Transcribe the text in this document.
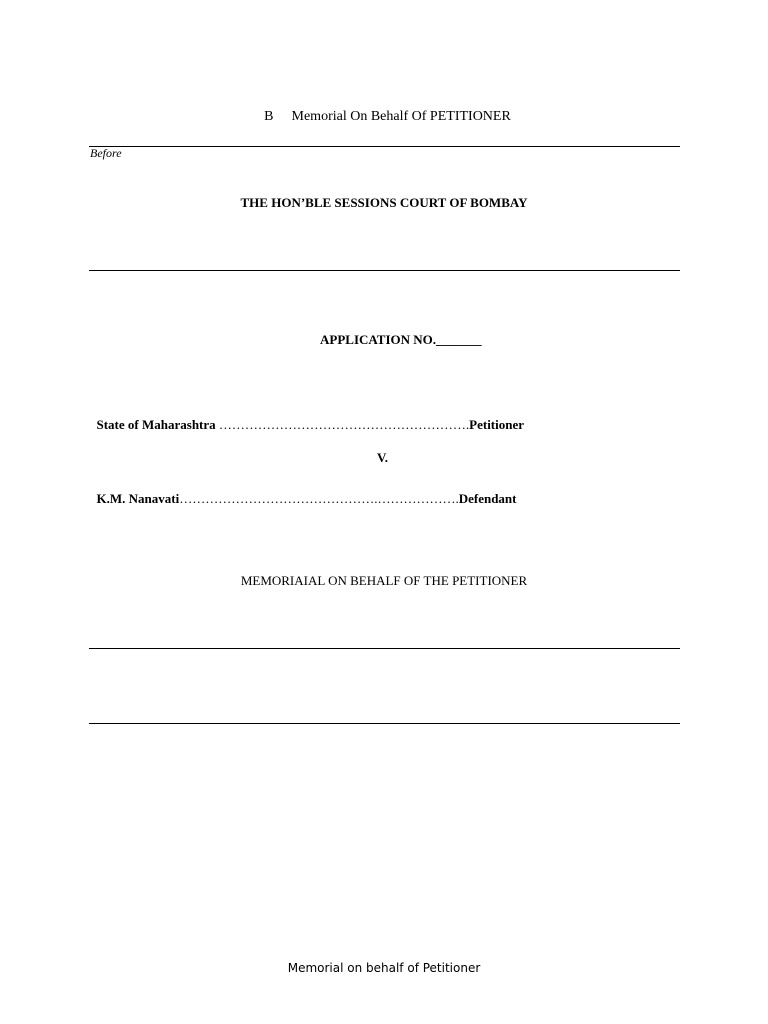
B Memorial On Behalf Of PETITIONER

Before
THE HON’BLE SESSIONS COURT OF BOMBAY
APPLICATION NO._______

State of Maharashtra ………………………………………………….Petitioner

V.

K.M. Nanavati……………………………………….……………….Defendant

MEMORIAIAL ON BEHALF OF THE PETITIONER
Memorial on behalf of Petitioner
